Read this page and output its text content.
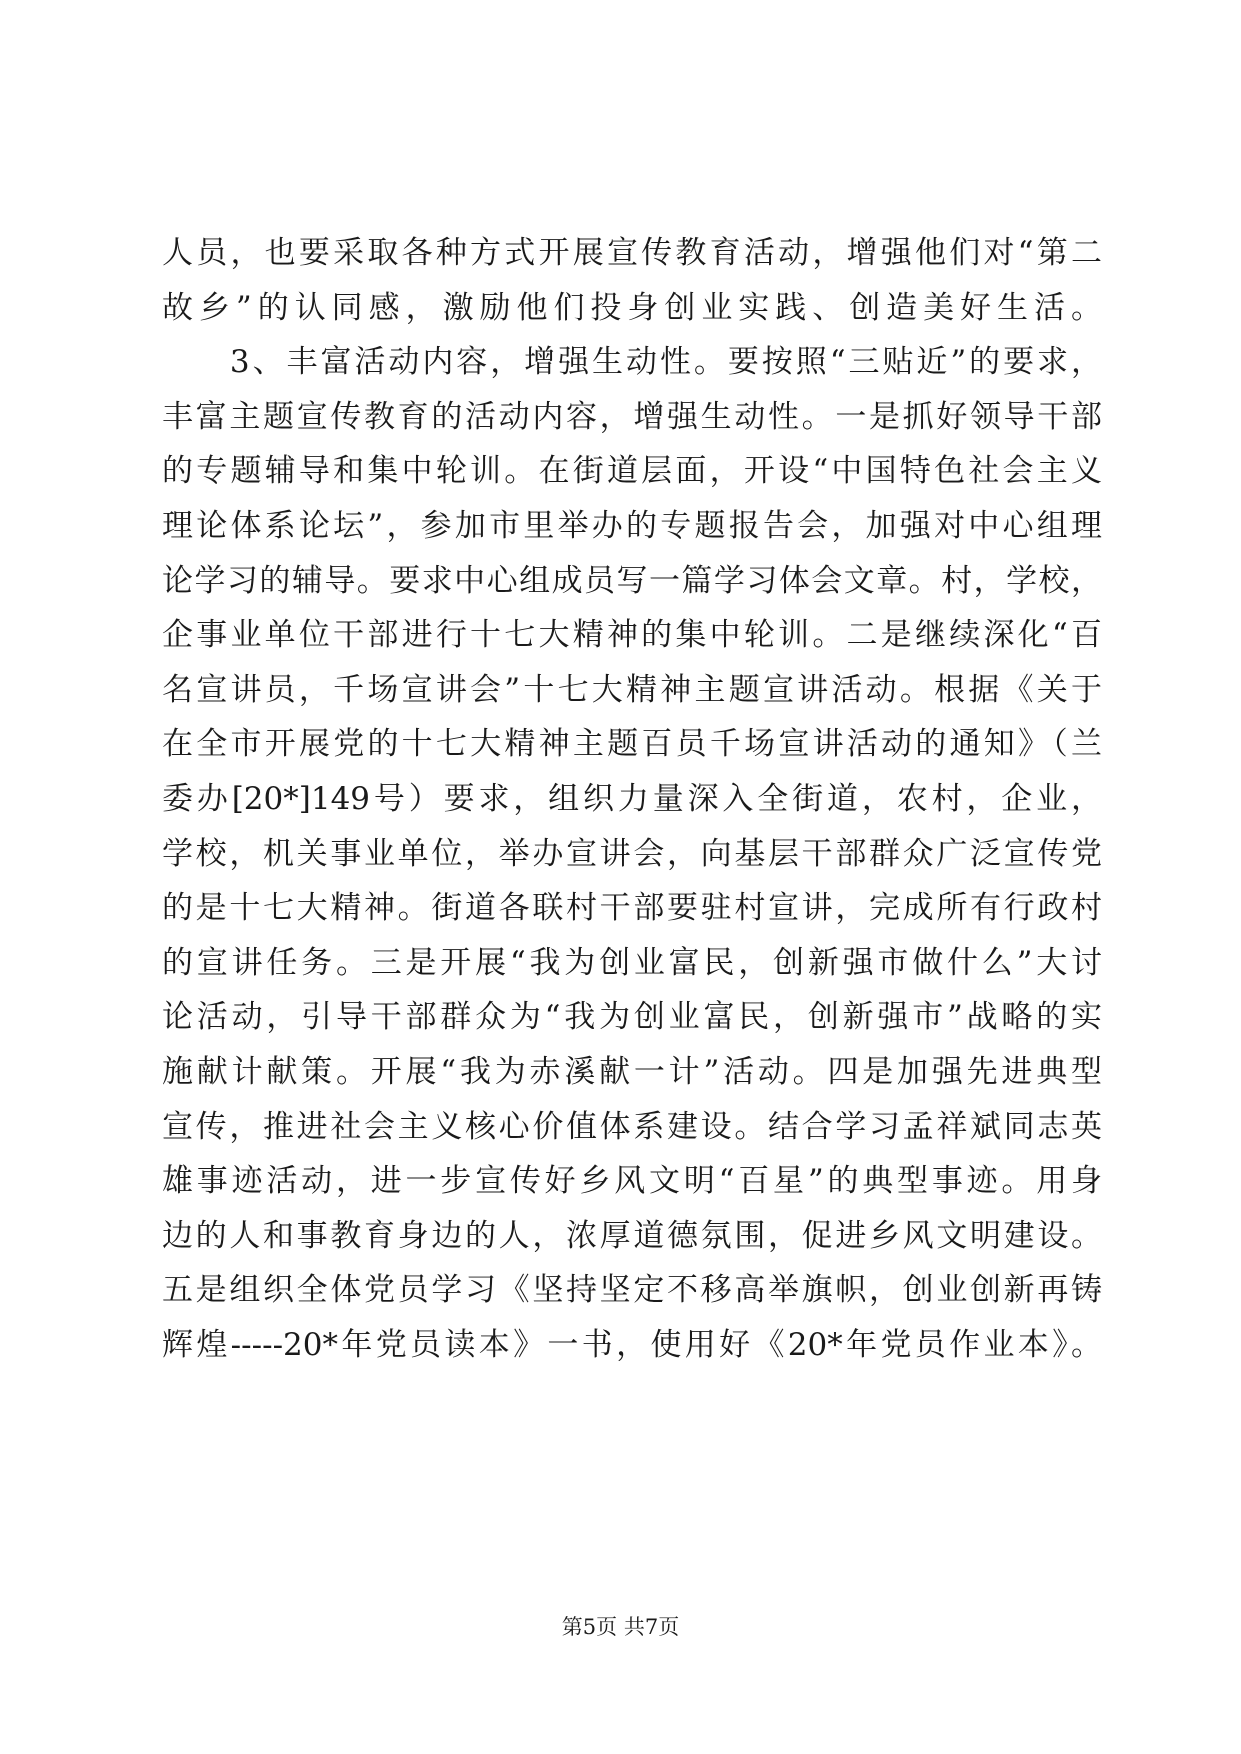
人员，也要采取各种方式开展宣传教育活动，增强他们对“第二
故乡”的认同感，激励他们投身创业实践、创造美好生活。
　　3、丰富活动内容，增强生动性。要按照“三贴近”的要求，
丰富主题宣传教育的活动内容，增强生动性。一是抓好领导干部
的专题辅导和集中轮训。在街道层面，开设“中国特色社会主义
理论体系论坛”，参加市里举办的专题报告会，加强对中心组理
论学习的辅导。要求中心组成员写一篇学习体会文章。村，学校，
企事业单位干部进行十七大精神的集中轮训。二是继续深化“百
名宣讲员，千场宣讲会”十七大精神主题宣讲活动。根据《关于
在全市开展党的十七大精神主题百员千场宣讲活动的通知》（兰
委办[20*]149号）要求，组织力量深入全街道，农村，企业，
学校，机关事业单位，举办宣讲会，向基层干部群众广泛宣传党
的是十七大精神。街道各联村干部要驻村宣讲，完成所有行政村
的宣讲任务。三是开展“我为创业富民，创新强市做什么”大讨
论活动，引导干部群众为“我为创业富民，创新强市”战略的实
施献计献策。开展“我为赤溪献一计”活动。四是加强先进典型
宣传，推进社会主义核心价值体系建设。结合学习孟祥斌同志英
雄事迹活动，进一步宣传好乡风文明“百星”的典型事迹。用身
边的人和事教育身边的人，浓厚道德氛围，促进乡风文明建设。
五是组织全体党员学习《坚持坚定不移高举旗帜，创业创新再铸
辉煌-----20*年党员读本》一书，使用好《20*年党员作业本》。
第5页 共7页
